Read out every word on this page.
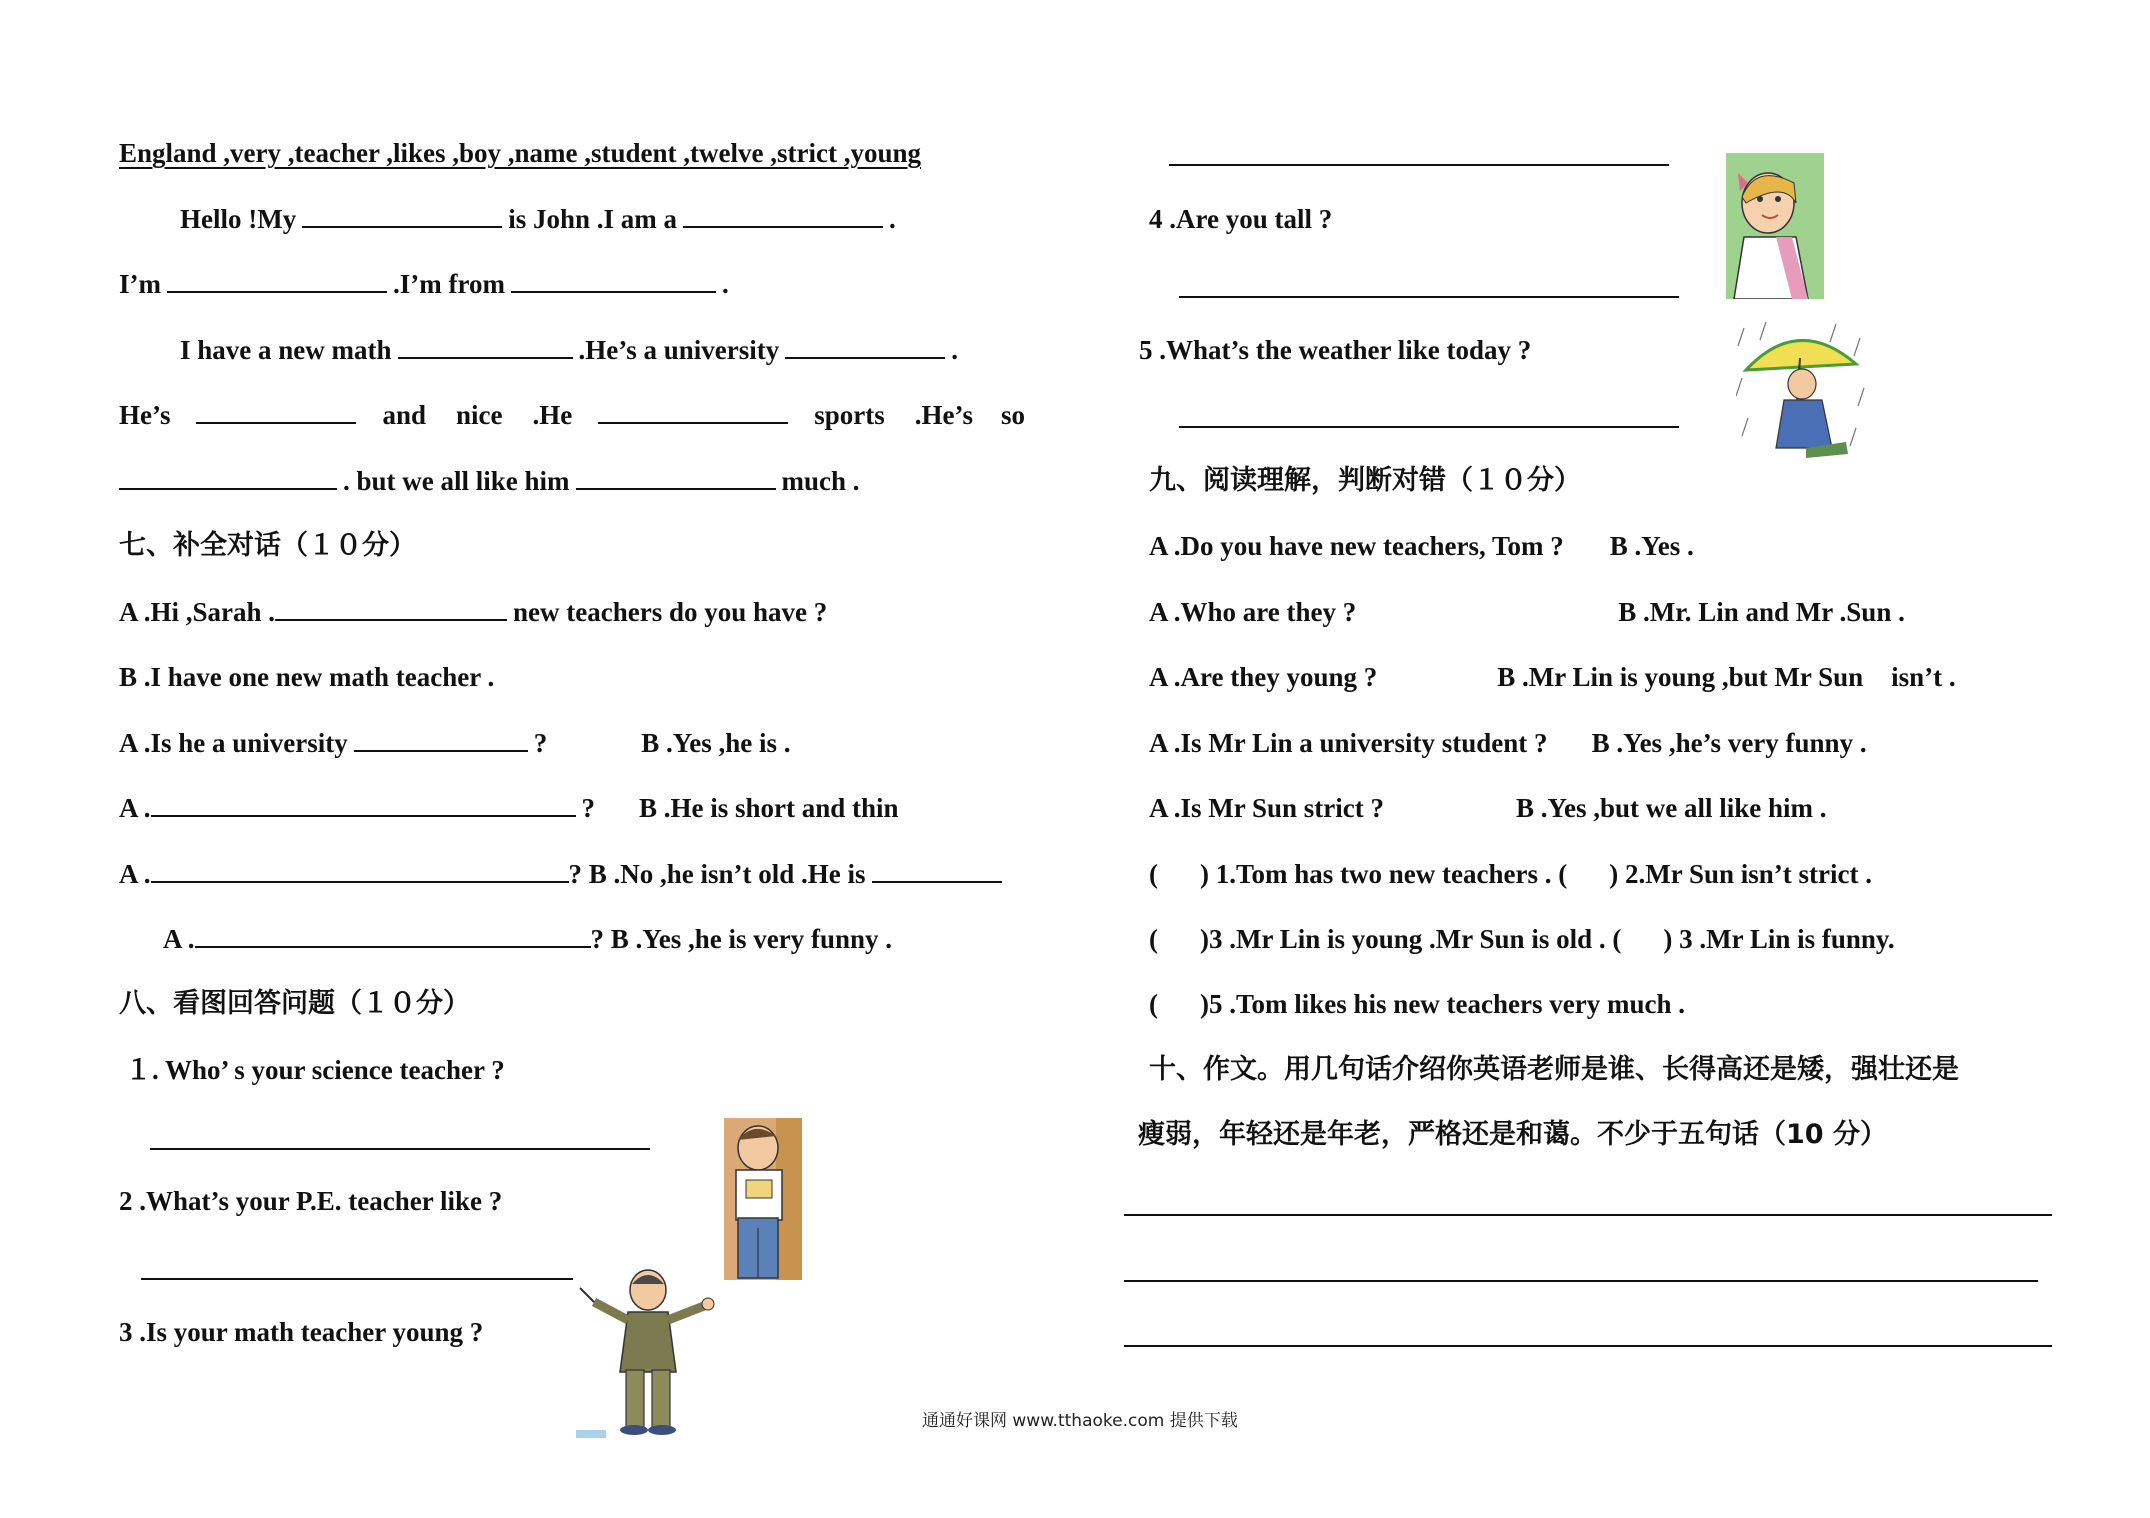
England ,very ,teacher ,likes ,boy ,name ,student ,twelve ,strict ,young
Hello !My	is John .I am a	.
I’m	.I’m from	.
I have a new math	.He’s a university	.
He’s	and nice .He	sports .He’s so
. but we all like him	much .
七、补全对话（１０分）
A .Hi ,Sarah .	new teachers do you have ?
B .I have one new math teacher .
A .Is he a university	?	B .Yes ,he is .
A .	? B .He is short and thin
A .	? B .No ,he isn’t old .He is
A .	? B .Yes ,he is very funny .
八、看图回答问题（１０分）
１. Who’ s your science teacher ?
2 .What’s your P.E. teacher like ?
3 .Is your math teacher young ?
4 .Are you tall ?
5 .What’s the weather like today ?
九、阅读理解，判断对错（１０分）
A .Do you have new teachers, Tom ? B .Yes .
A .Who are they ?	B .Mr. Lin and Mr .Sun .
A .Are they young ?	B .Mr Lin is young ,but Mr Sun isn’t .
A .Is Mr Lin a university student ? B .Yes ,he’s very funny .
A .Is Mr Sun strict ?	B .Yes ,but we all like him .
( ) 1.Tom has two new teachers . ( ) 2.Mr Sun isn’t strict .
( )3 .Mr Lin is young .Mr Sun is old . ( ) 3 .Mr Lin is funny.
( )5 .Tom likes his new teachers very much .
十、作文。用几句话介绍你英语老师是谁、长得高还是矮，强壮还是
瘦弱，年轻还是年老，严格还是和蔼。不少于五句话（10 分）
通通好课网 www.tthaoke.com 提供下载
